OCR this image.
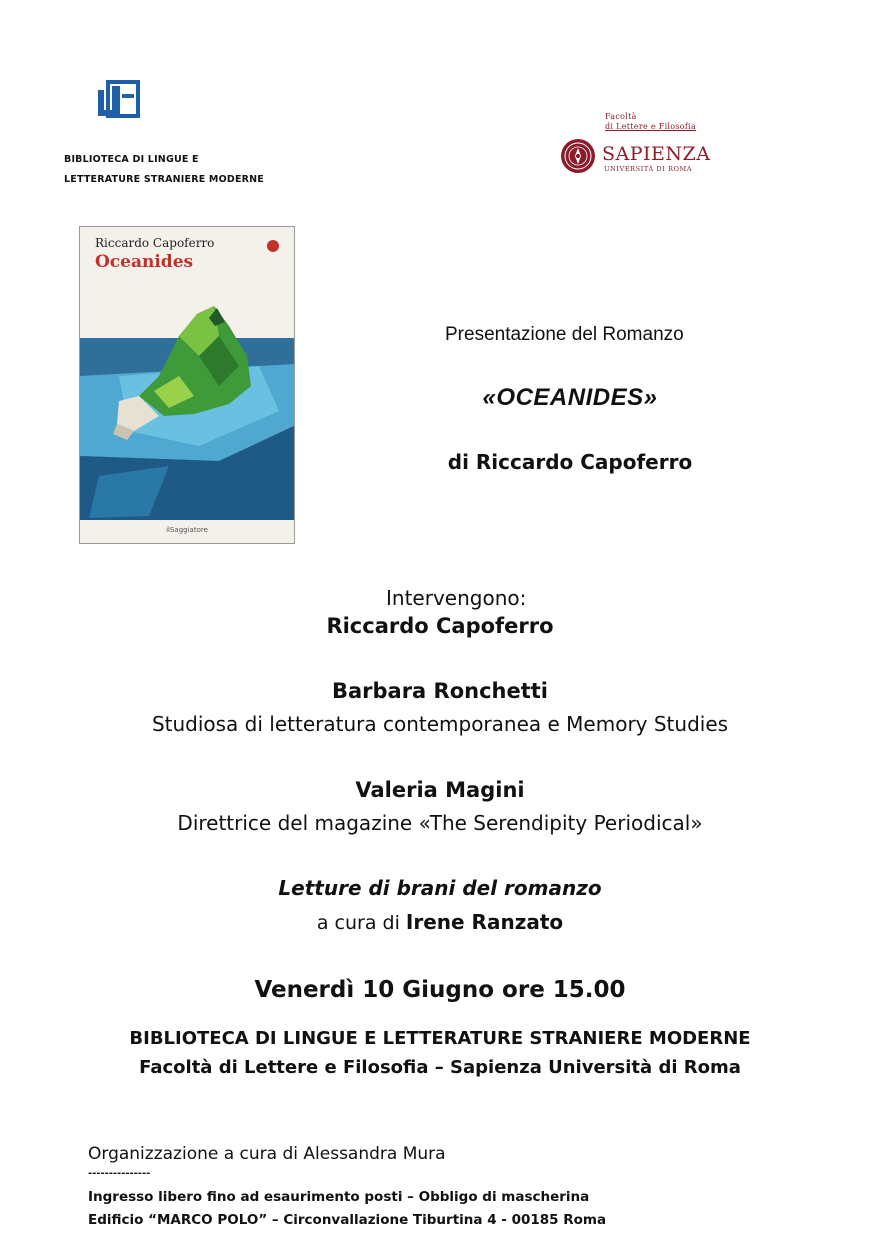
BIBLIOTECA DI LINGUE E
LETTERATURE STRANIERE MODERNE
Facoltà
di Lettere e Filosofia
SAPIENZA
UNIVERSITÀ DI ROMA
Riccardo Capoferro
Oceanides
ilSaggiatore
Presentazione del Romanzo
«OCEANIDES»
di Riccardo Capoferro
Intervengono:
Riccardo Capoferro
Barbara Ronchetti
Studiosa di letteratura contemporanea e Memory Studies
Valeria Magini
Direttrice del magazine «The Serendipity Periodical»
Letture di brani del romanzo
a cura di Irene Ranzato
Venerdì 10 Giugno ore 15.00
BIBLIOTECA DI LINGUE E LETTERATURE STRANIERE MODERNE
Facoltà di Lettere e Filosofia – Sapienza Università di Roma
Organizzazione a cura di Alessandra Mura
---------------
Ingresso libero fino ad esaurimento posti – Obbligo di mascherina
Edificio “MARCO POLO” – Circonvallazione Tiburtina 4 - 00185 Roma
